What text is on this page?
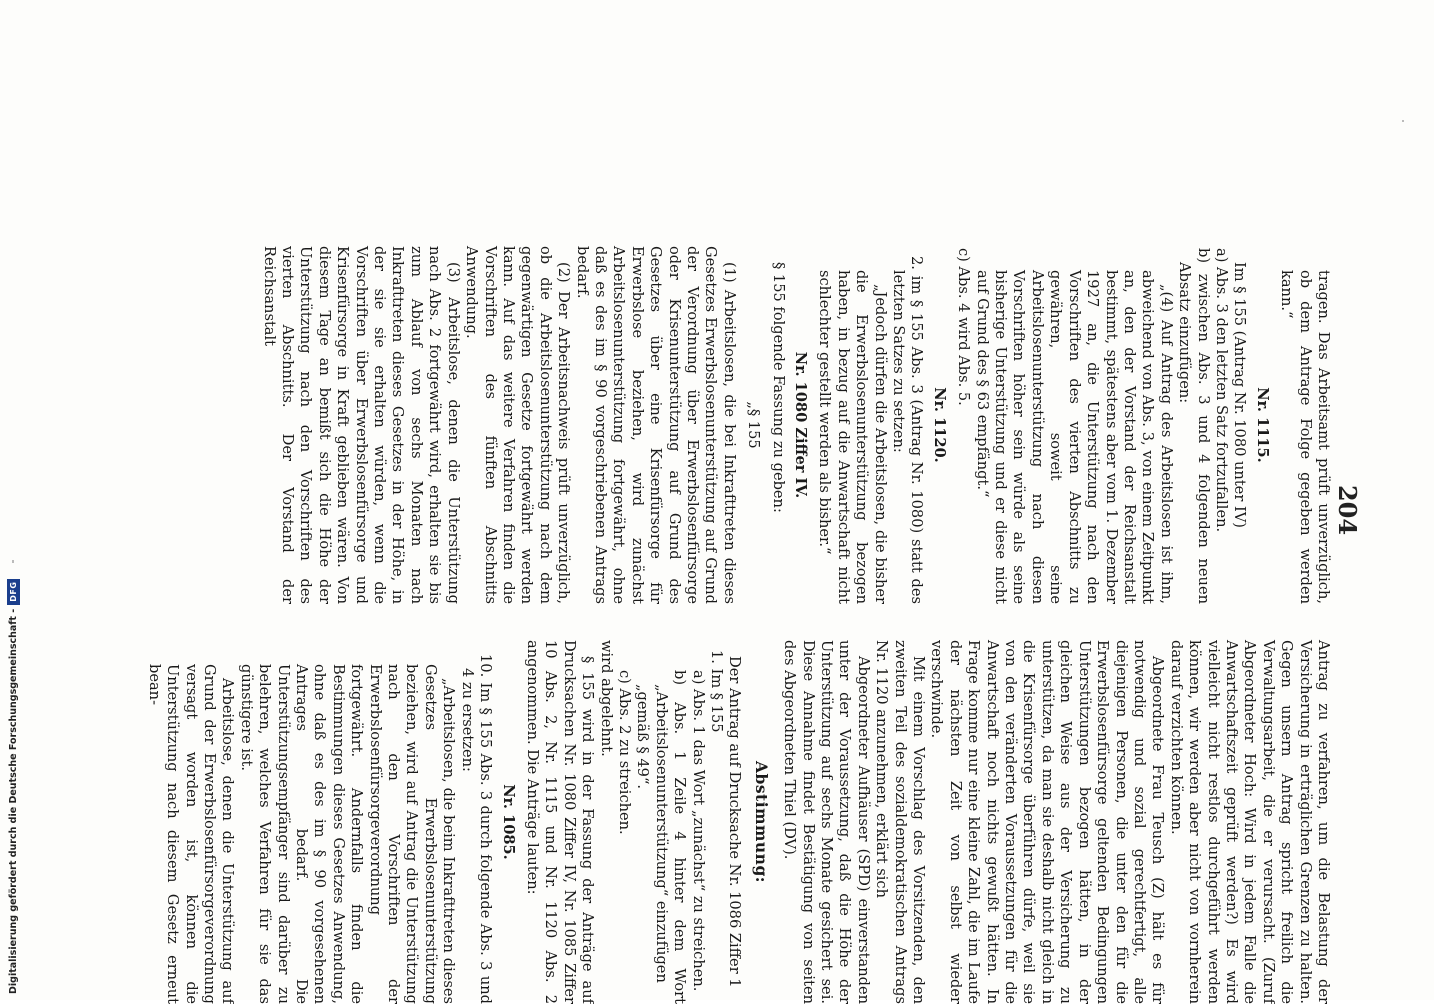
204

Antrag zu verfahren, um die Belastung der Versicherung in erträglichen Grenzen zu halten. Gegen unsern Antrag spricht freilich die Verwaltungsarbeit, die er verursacht. (Zuruf Abgeordneter Hoch: Wird in jedem Falle die Anwartschaftszeit geprüft werden?) Es wird vielleicht nicht restlos durchgeführt werden können, wir werden aber nicht von vornherein darauf verzichten können.

Abgeordnete Frau Teusch (Z) hält es für notwendig und sozial gerechtfertigt, alle diejenigen Personen, die unter den für die Erwerbslosenfürsorge geltenden Bedingungen Unterstützungen bezogen hätten, in der gleichen Weise aus der Versicherung zu unterstützen, da man sie deshalb nicht gleich in die Krisenfürsorge überführen dürfe, weil sie von den veränderten Voraussetzungen für die Anwartschaft noch nichts gewußt hätten. In Frage komme nur eine kleine Zahl, die im Laufe der nächsten Zeit von selbst wieder verschwinde.

Mit einem Vorschlag des Vorsitzenden, den zweiten Teil des sozialdemokratischen Antrags Nr. 1120 anzunehmen, erklärt sich

Abgeordneter Aufhäuser (SPD) einverstanden unter der Voraussetzung, daß die Höhe der Unterstützung auf sechs Monate gesichert sei. Diese Annahme findet Bestätigung von seiten des Abgeordneten Thiel (DV).

Abstimmung:

Der Antrag auf Drucksache Nr. 1086 Ziffer 1

1. Im § 155
a) Abs. 1 das Wort „zunächst“ zu streichen.
b) Abs. 1 Zeile 4 hinter dem Wort „Arbeitslosenunterstützung“ einzufügen
„gemäß § 49“.
c) Abs. 2 zu streichen.

wird abgelehnt.

§ 155 wird in der Fassung der Anträge auf Drucksachen Nr. 1080 Ziffer IV, Nr. 1085 Ziffer 10 Abs. 2, Nr. 1115 und Nr. 1120 Abs. 2 angenommen. Die Anträge lauten:

Nr. 1085.
10. Im § 155 Abs. 3 durch folgende Abs. 3 und 4 zu ersetzen:
„Arbeitslosen, die beim Inkrafttreten dieses Gesetzes Erwerbslosenunterstützung beziehen, wird auf Antrag die Unterstützung nach den Vorschriften der Erwerbslosenfürsorgeverordnung fortgewährt. Andernfalls finden die Bestimmungen dieses Gesetzes Anwendung, ohne daß es des im § 90 vorgesehenen Antrages bedarf. Die Unterstützungsempfänger sind darüber zu belehren, welches Verfahren für sie das günstigere ist.
Arbeitslose, denen die Unterstützung auf Grund der Erwerbslosenfürsorgeverordnung versagt worden ist, können die Unterstützung nach diesem Gesetz erneut bean-
tragen. Das Arbeitsamt prüft unverzüglich, ob dem Antrage Folge gegeben werden kann.“
Nr. 1115.

Im § 155 (Antrag Nr. 1080 unter IV)

a) Abs. 3 den letzten Satz fortzufallen.
b) zwischen Abs. 3 und 4 folgenden neuen Absatz einzufügen:
„(4) Auf Antrag des Arbeitslosen ist ihm, abweichend von Abs. 3, von einem Zeitpunkt an, den der Vorstand der Reichsanstalt bestimmt, spätestens aber vom 1. Dezember 1927 an, die Unterstützung nach den Vorschriften des vierten Abschnitts zu gewähren, soweit seine Arbeitslosenunterstützung nach diesen Vorschriften höher sein würde als seine bisherige Unterstützung und er diese nicht auf Grund des § 63 empfängt.“
c) Abs. 4 wird Abs. 5.
Nr. 1120.
2. im § 155 Abs. 3 (Antrag Nr. 1080) statt des letzten Satzes zu setzen:
„Jedoch dürfen die Arbeitslosen, die bisher die Erwerbslosenunterstützung bezogen haben, in bezug auf die Anwartschaft nicht schlechter gestellt werden als bisher.“
Nr. 1080 Ziffer IV.

§ 155 folgende Fassung zu geben:

„§ 155

(1) Arbeitslosen, die bei Inkrafttreten dieses Gesetzes Erwerbslosenunterstützung auf Grund der Verordnung über Erwerbslosenfürsorge oder Krisenunterstützung auf Grund des Gesetzes über eine Krisenfürsorge für Erwerbslose beziehen, wird zunächst Arbeitslosenunterstützung fortgewährt, ohne daß es des im § 90 vorgeschriebenen Antrags bedarf.

(2) Der Arbeitsnachweis prüft unverzüglich, ob die Arbeitslosenunterstützung nach dem gegenwärtigen Gesetze fortgewährt werden kann. Auf das weitere Verfahren finden die Vorschriften des fünften Abschnitts Anwendung.

(3) Arbeitslose, denen die Unterstützung nach Abs. 2 fortgewährt wird, erhalten sie bis zum Ablauf von sechs Monaten nach Inkrafttreten dieses Gesetzes in der Höhe, in der sie sie erhalten würden, wenn die Vorschriften über Erwerbslosenfürsorge und Krisenfürsorge in Kraft geblieben wären. Von diesem Tage an bemißt sich die Höhe der Unterstützung nach den Vorschriften des vierten Abschnitts. Der Vorstand der Reichsanstalt

Digitalisierung gefördert durch die Deutsche Forschungsgemeinschaft -
DFG
